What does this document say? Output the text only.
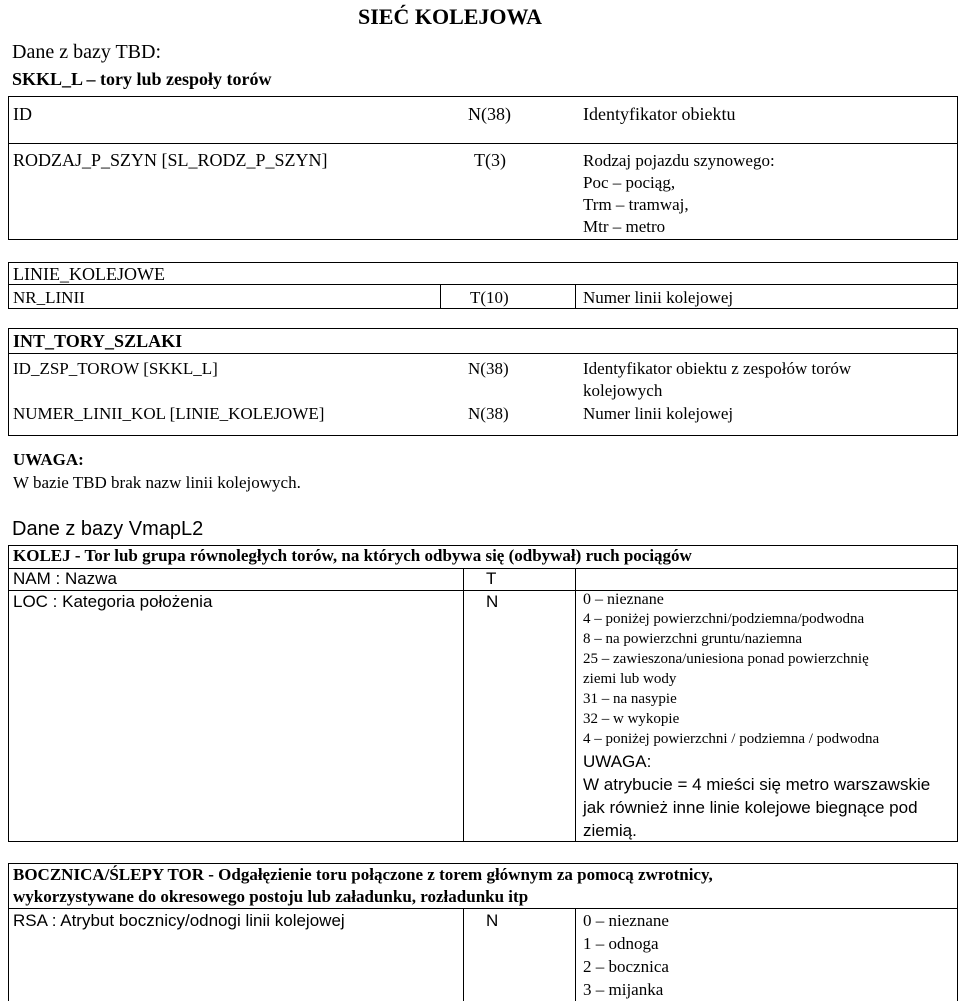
SIEĆ KOLEJOWA
Dane z bazy TBD:
SKKL_L – tory lub zespoły torów
ID	N(38)	Identyfikator obiektu
RODZAJ_P_SZYN [SL_RODZ_P_SZYN]	T(3)	Rodzaj pojazdu szynowego:
Poc – pociąg,
Trm – tramwaj,
Mtr – metro
LINIE_KOLEJOWE
NR_LINII	T(10)	Numer linii kolejowej
INT_TORY_SZLAKI
ID_ZSP_TOROW [SKKL_L]	N(38)	Identyfikator obiektu z zespołów torów
kolejowych
NUMER_LINII_KOL [LINIE_KOLEJOWE]	N(38)	Numer linii kolejowej
UWAGA:
W bazie TBD brak nazw linii kolejowych.
Dane z bazy VmapL2
KOLEJ - Tor lub grupa równoległych torów, na których odbywa się (odbywał) ruch pociągów
NAM : Nazwa	T
LOC : Kategoria położenia	N	0 – nieznane
4 – poniżej powierzchni/podziemna/podwodna
8 – na powierzchni gruntu/naziemna
25 – zawieszona/uniesiona ponad powierzchnię
ziemi lub wody
31 – na nasypie
32 – w wykopie
4 – poniżej powierzchni / podziemna / podwodna
UWAGA:
W atrybucie = 4 mieści się metro warszawskie
jak również inne linie kolejowe biegnące pod
ziemią.
BOCZNICA/ŚLEPY TOR - Odgałęzienie toru połączone z torem głównym za pomocą zwrotnicy,
wykorzystywane do okresowego postoju lub załadunku, rozładunku itp
RSA : Atrybut bocznicy/odnogi linii kolejowej	N	0 – nieznane
1 – odnoga
2 – bocznica
3 – mijanka
